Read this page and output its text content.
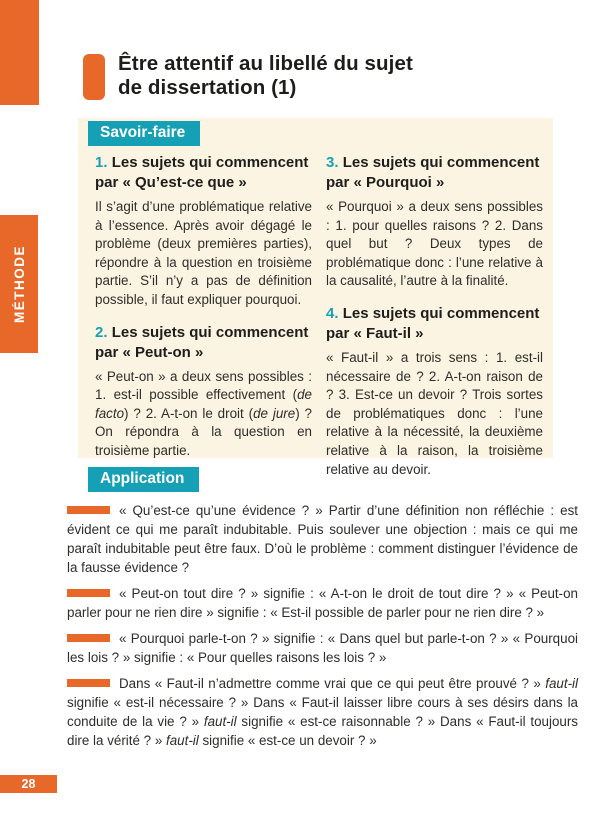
MÉTHODE
Être attentif au libellé du sujet
de dissertation (1)
Savoir-faire
1. Les sujets qui commencent par « Qu’est-ce que »

Il s’agit d’une problématique relative à l’essence. Après avoir dégagé le problème (deux premières parties), répondre à la question en troisième partie. S’il n’y a pas de définition possible, il faut expliquer pourquoi.

2. Les sujets qui commencent par « Peut-on »

« Peut-on » a deux sens possibles : 1. est-il possible effectivement (de facto) ? 2. A-t-on le droit (de jure) ? On répondra à la question en troisième partie.

3. Les sujets qui commencent par « Pourquoi »

« Pourquoi » a deux sens possibles : 1. pour quelles raisons ? 2. Dans quel but ? Deux types de problématique donc : l’une relative à la causalité, l’autre à la finalité.

4. Les sujets qui commencent par « Faut-il »

« Faut-il » a trois sens : 1. est-il nécessaire de ? 2. A-t-on raison de ? 3. Est-ce un devoir ? Trois sortes de problématiques donc : l’une relative à la nécessité, la deuxième relative à la raison, la troisième relative au devoir.

Application

« Qu’est-ce qu’une évidence ? » Partir d’une définition non réfléchie : est évident ce qui me paraît indubitable. Puis soulever une objection : mais ce qui me paraît indubitable peut être faux. D’où le problème : comment distinguer l’évidence de la fausse évidence ?

« Peut-on tout dire ? » signifie : « A-t-on le droit de tout dire ? » « Peut-on parler pour ne rien dire » signifie : « Est-il possible de parler pour ne rien dire ? »

« Pourquoi parle-t-on ? » signifie : « Dans quel but parle-t-on ? » « Pourquoi les lois ? » signifie : « Pour quelles raisons les lois ? »

Dans « Faut-il n’admettre comme vrai que ce qui peut être prouvé ? » faut-il signifie « est-il nécessaire ? » Dans « Faut-il laisser libre cours à ses désirs dans la conduite de la vie ? » faut-il signifie « est-ce raisonnable ? » Dans « Faut-il toujours dire la vérité ? » faut-il signifie « est-ce un devoir ? »

28
